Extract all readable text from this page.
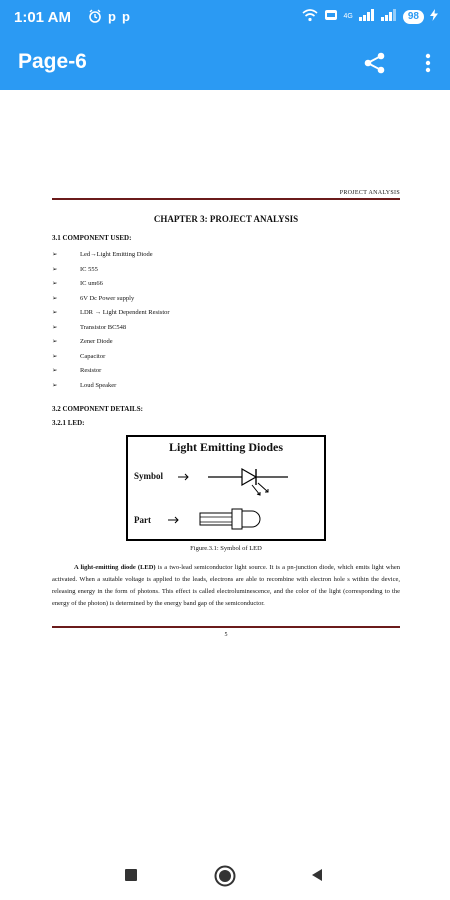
1:01 AM	p p	4G	98
Page-6
PROJECT ANALYSIS
CHAPTER 3: PROJECT ANALYSIS
3.1 COMPONENT USED:
➢	Led→Light Emitting Diode
➢	IC 555
➢	IC um66
➢	6V Dc Power supply
➢	LDR → Light Dependent Resistor
➢	Transistor BC548
➢	Zener Diode
➢	Capacitor
➢	Resistor
➢	Loud Speaker
3.2 COMPONENT DETAILS:
3.2.1 LED:
Light Emitting Diodes
Symbol
Part
Figure.3.1: Symbol of LED

A light-emitting diode (LED) is a two-lead semiconductor light source. It is a pn-junction diode, which emits light when activated. When a suitable voltage is applied to the leads, electrons are able to recombine with electron hole s within the device, releasing energy in the form of photons. This effect is called electroluminescence, and the color of the light (corresponding to the energy of the photon) is determined by the energy band gap of the semiconductor.

5
